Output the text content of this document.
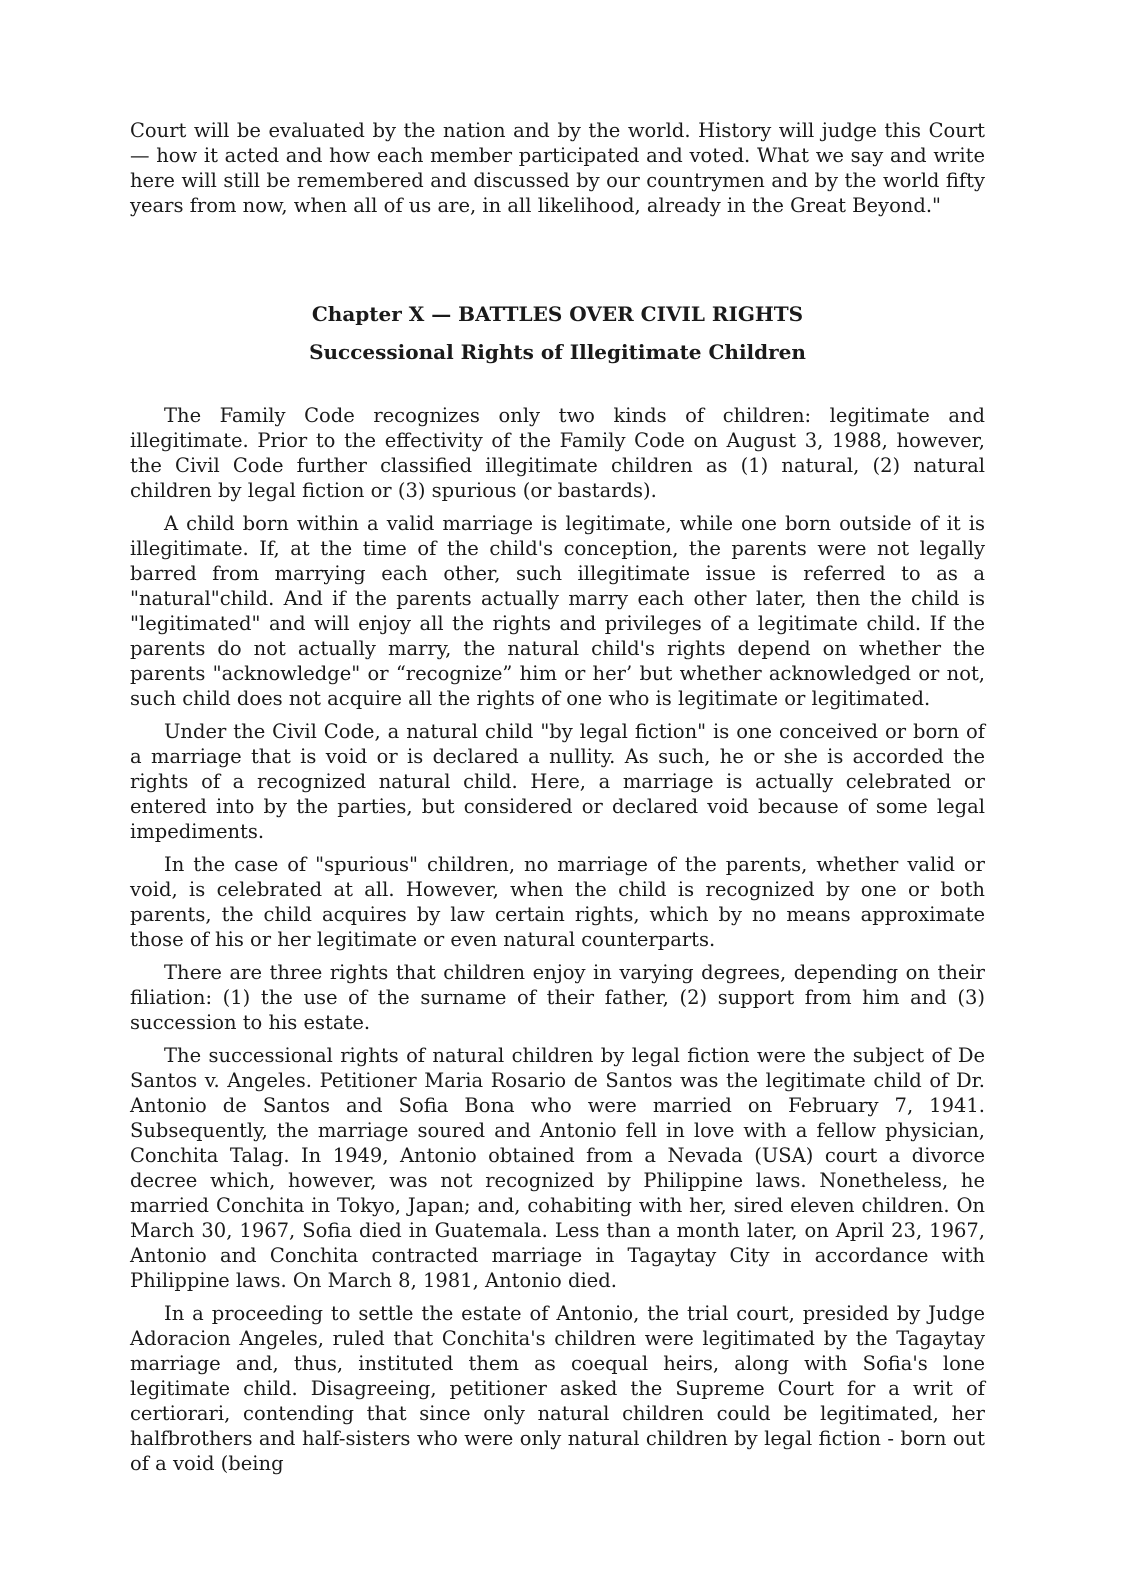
Court will be evaluated by the nation and by the world. History will judge this Court — how it acted and how each member participated and voted. What we say and write here will still be remembered and discussed by our countrymen and by the world fifty years from now, when all of us are, in all likelihood, already in the Great Beyond."

Chapter X — BATTLES OVER CIVIL RIGHTS
Successional Rights of Illegitimate Children

The Family Code recognizes only two kinds of children: legitimate and illegitimate. Prior to the effectivity of the Family Code on August 3, 1988, however, the Civil Code further classified illegitimate children as (1) natural, (2) natural children by legal fiction or (3) spurious (or bastards).

A child born within a valid marriage is legitimate, while one born outside of it is illegitimate. If, at the time of the child's conception, the parents were not legally barred from marrying each other, such illegitimate issue is referred to as a "natural"child. And if the parents actually marry each other later, then the child is "legitimated" and will enjoy all the rights and privileges of a legitimate child. If the parents do not actually marry, the natural child's rights depend on whether the parents "acknowledge" or “recognize” him or her’ but whether acknowledged or not, such child does not acquire all the rights of one who is legitimate or legitimated.

Under the Civil Code, a natural child "by legal fiction" is one conceived or born of a marriage that is void or is declared a nullity. As such, he or she is accorded the rights of a recognized natural child. Here, a marriage is actually celebrated or entered into by the parties, but considered or declared void because of some legal impediments.

In the case of "spurious" children, no marriage of the parents, whether valid or void, is celebrated at all. However, when the child is recognized by one or both parents, the child acquires by law certain rights, which by no means approximate those of his or her legitimate or even natural counterparts.

There are three rights that children enjoy in varying degrees, depending on their filiation: (1) the use of the surname of their father, (2) support from him and (3) succession to his estate.

The successional rights of natural children by legal fiction were the subject of De Santos v. Angeles. Petitioner Maria Rosario de Santos was the legitimate child of Dr. Antonio de Santos and Sofia Bona who were married on February 7, 1941. Subsequently, the marriage soured and Antonio fell in love with a fellow physician, Conchita Talag. In 1949, Antonio obtained from a Nevada (USA) court a divorce decree which, however, was not recognized by Philippine laws. Nonetheless, he married Conchita in Tokyo, Japan; and, cohabiting with her, sired eleven children. On March 30, 1967, Sofia died in Guatemala. Less than a month later, on April 23, 1967, Antonio and Conchita contracted marriage in Tagaytay City in accordance with Philippine laws. On March 8, 1981, Antonio died.

In a proceeding to settle the estate of Antonio, the trial court, presided by Judge Adoracion Angeles, ruled that Conchita's children were legitimated by the Tagaytay marriage and, thus, instituted them as coequal heirs, along with Sofia's lone legitimate child. Disagreeing, petitioner asked the Supreme Court for a writ of certiorari, contending that since only natural children could be legitimated, her halfbrothers and half-sisters who were only natural children by legal fiction - born out of a void (being
